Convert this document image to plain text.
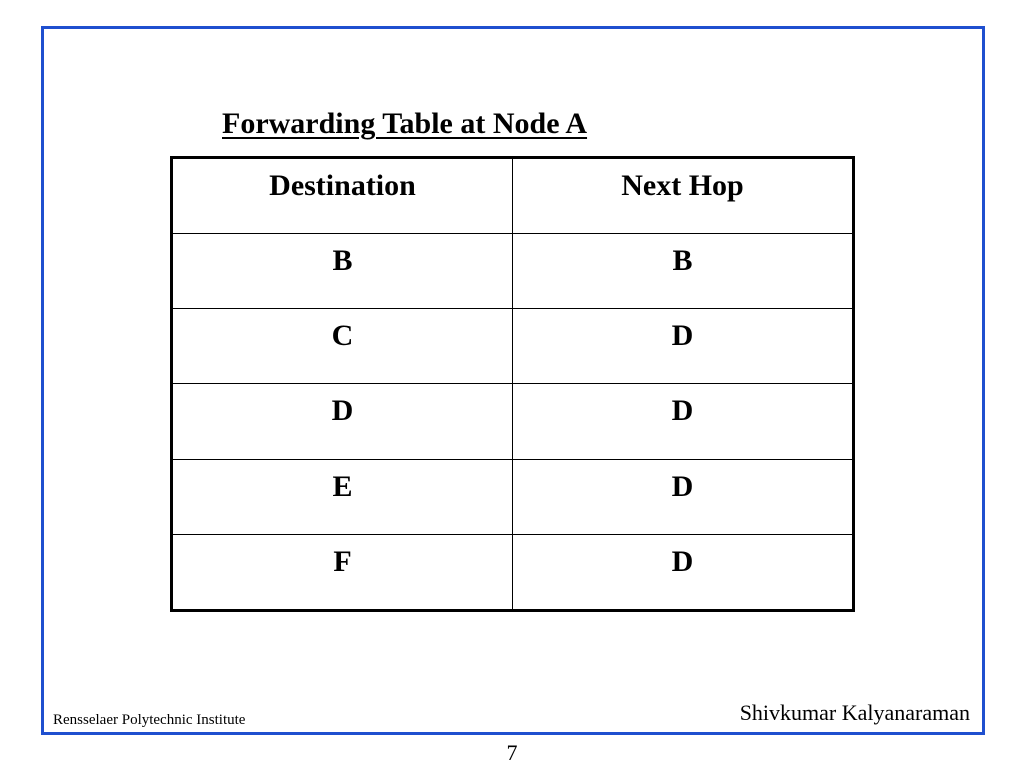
Forwarding Table at Node A
Destination	Next Hop
B	B
C	D
D	D
E	D
F	D
Rensselaer Polytechnic Institute	Shivkumar Kalyanaraman
7
